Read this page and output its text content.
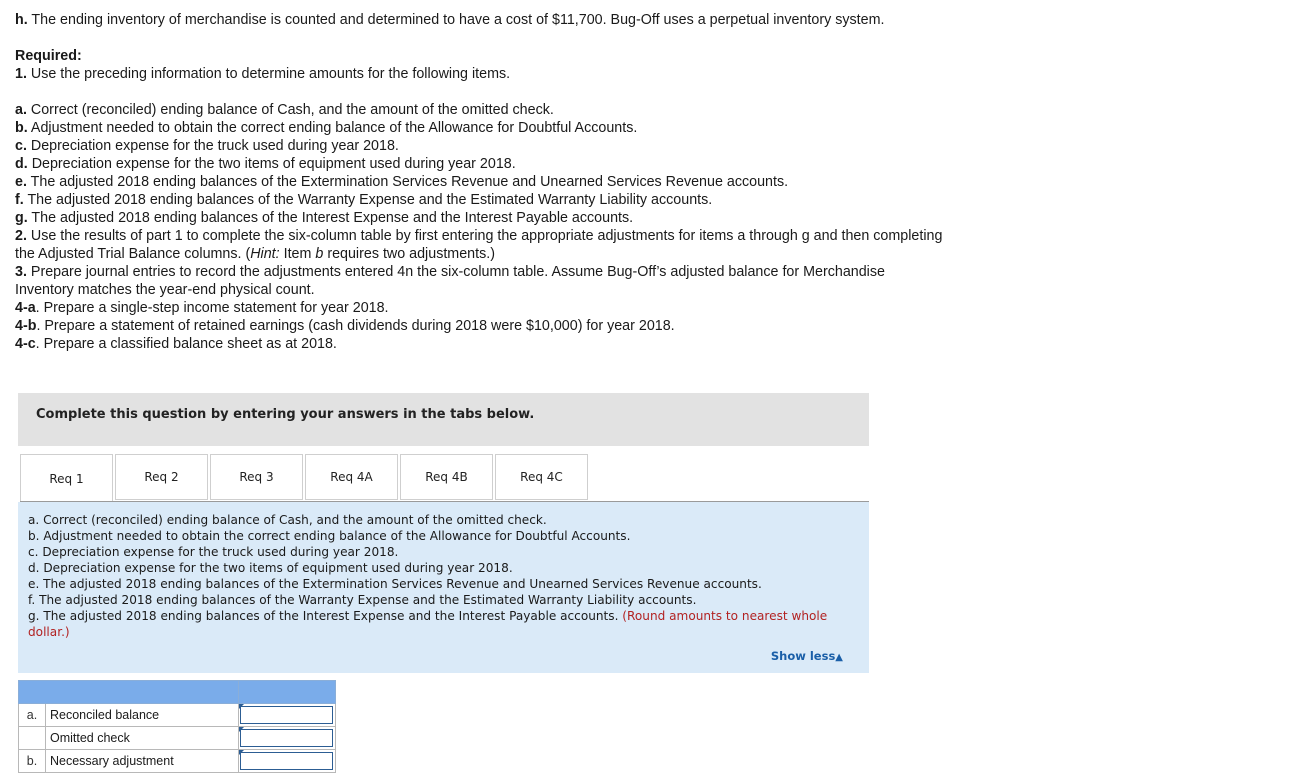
h. The ending inventory of merchandise is counted and determined to have a cost of $11,700. Bug-Off uses a perpetual inventory system.

Required:

1. Use the preceding information to determine amounts for the following items.

a. Correct (reconciled) ending balance of Cash, and the amount of the omitted check.

b. Adjustment needed to obtain the correct ending balance of the Allowance for Doubtful Accounts.

c. Depreciation expense for the truck used during year 2018.

d. Depreciation expense for the two items of equipment used during year 2018.

e. The adjusted 2018 ending balances of the Extermination Services Revenue and Unearned Services Revenue accounts.

f. The adjusted 2018 ending balances of the Warranty Expense and the Estimated Warranty Liability accounts.

g. The adjusted 2018 ending balances of the Interest Expense and the Interest Payable accounts.

2. Use the results of part 1 to complete the six-column table by first entering the appropriate adjustments for items a through g and then completing the Adjusted Trial Balance columns. (Hint: Item b requires two adjustments.)

3. Prepare journal entries to record the adjustments entered 4n the six-column table. Assume Bug-Off’s adjusted balance for Merchandise Inventory matches the year-end physical count.

4-a. Prepare a single-step income statement for year 2018.

4-b. Prepare a statement of retained earnings (cash dividends during 2018 were $10,000) for year 2018.

4-c. Prepare a classified balance sheet as at 2018.

Complete this question by entering your answers in the tabs below.
Req 1	Req 2	Req 3	Req 4A	Req 4B	Req 4C

a. Correct (reconciled) ending balance of Cash, and the amount of the omitted check.

b. Adjustment needed to obtain the correct ending balance of the Allowance for Doubtful Accounts.

c. Depreciation expense for the truck used during year 2018.

d. Depreciation expense for the two items of equipment used during year 2018.

e. The adjusted 2018 ending balances of the Extermination Services Revenue and Unearned Services Revenue accounts.

f. The adjusted 2018 ending balances of the Warranty Expense and the Estimated Warranty Liability accounts.

g. The adjusted 2018 ending balances of the Interest Expense and the Interest Payable accounts. (Round amounts to nearest whole dollar.)

Show less▲

a.	Reconciled balance	

	Omitted check	

b.	Necessary adjustment	
